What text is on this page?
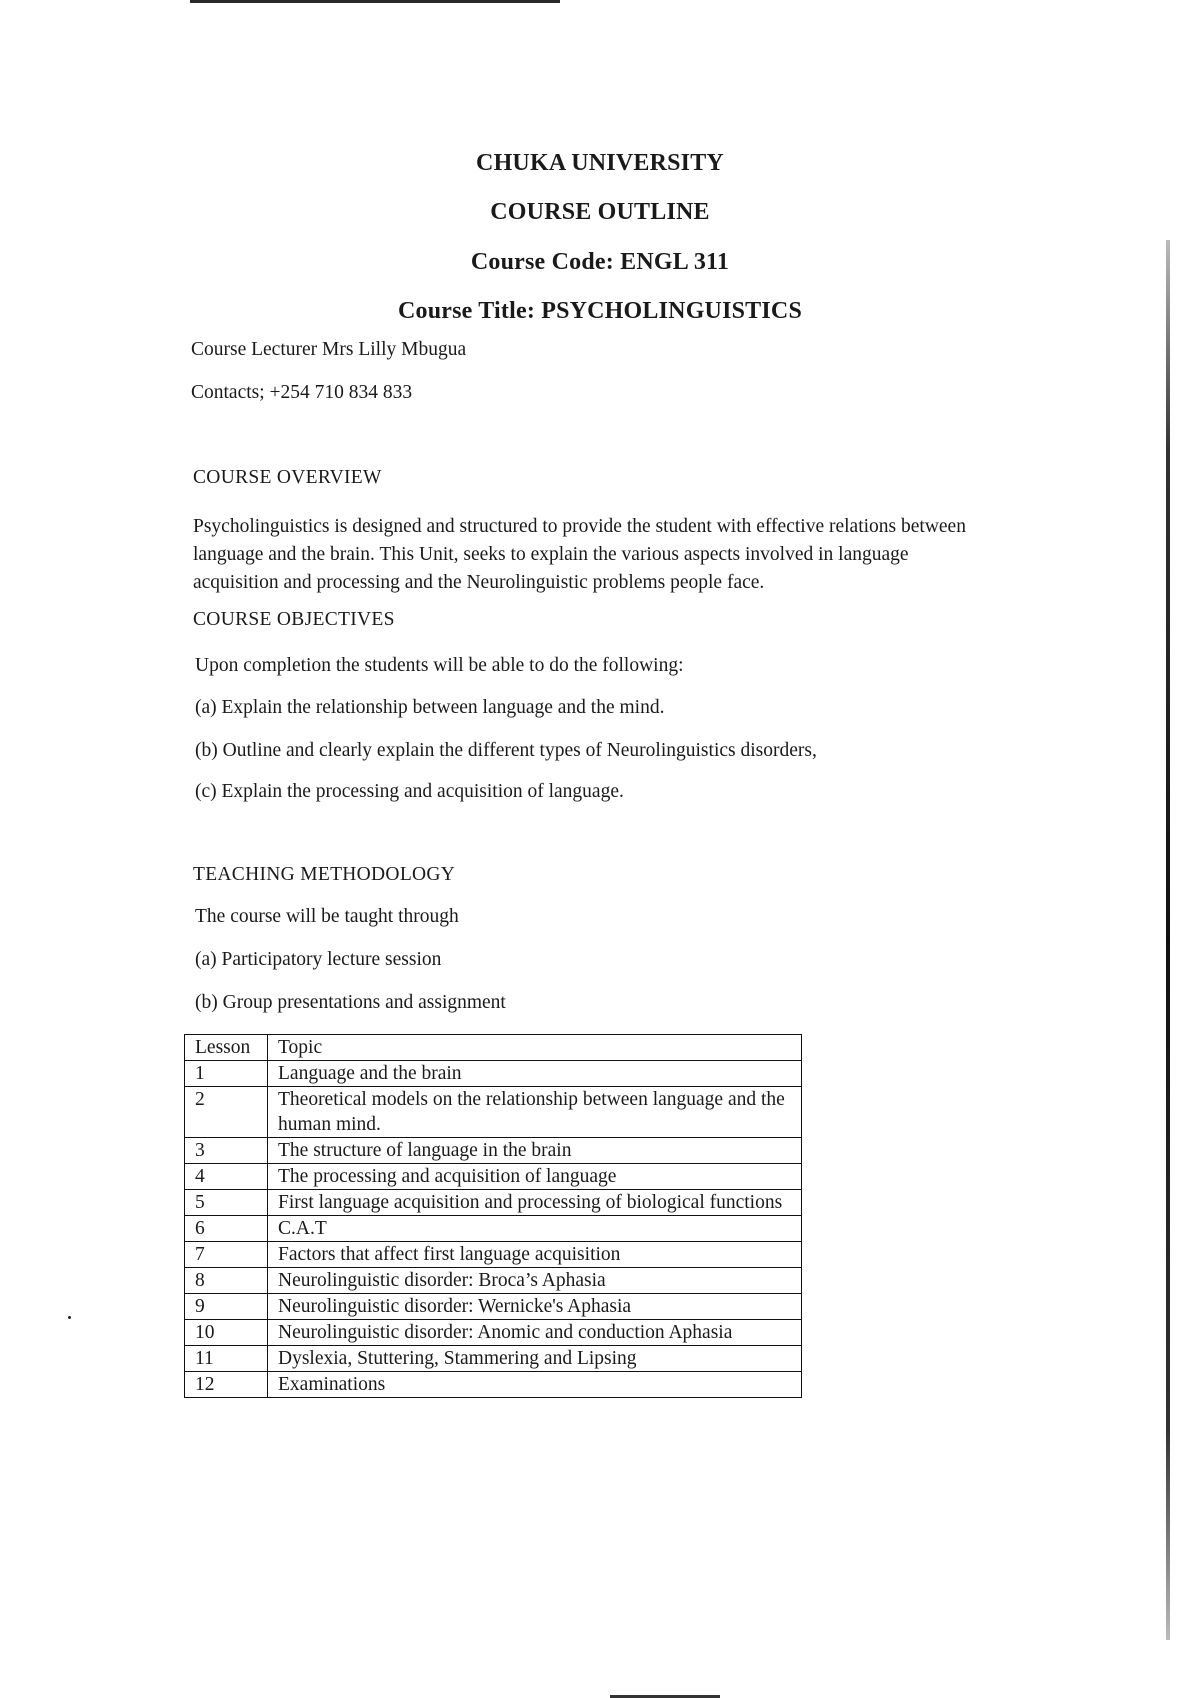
CHUKA UNIVERSITY
COURSE OUTLINE
Course Code: ENGL 311
Course Title: PSYCHOLINGUISTICS
Course Lecturer Mrs Lilly Mbugua
Contacts; +254 710 834 833
COURSE OVERVIEW
Psycholinguistics is designed and structured to provide the student with effective relations between language and the brain. This Unit, seeks to explain the various aspects involved in language acquisition and processing and the Neurolinguistic problems people face.
COURSE OBJECTIVES
Upon completion the students will be able to do the following:
(a) Explain the relationship between language and the mind.
(b) Outline and clearly explain the different types of Neurolinguistics disorders,
(c) Explain the processing and acquisition of language.
TEACHING METHODOLOGY
The course will be taught through
(a) Participatory lecture session
(b) Group presentations and assignment
Lesson	Topic
1	Language and the brain
2	Theoretical models on the relationship between language and the human mind.
3	The structure of language in the brain
4	The processing and acquisition of language
5	First language acquisition and processing of biological functions
6	C.A.T
7	Factors that affect first language acquisition
8	Neurolinguistic disorder: Broca’s Aphasia
9	Neurolinguistic disorder: Wernicke's Aphasia
10	Neurolinguistic disorder: Anomic and conduction Aphasia
11	Dyslexia, Stuttering, Stammering and Lipsing
12	Examinations
